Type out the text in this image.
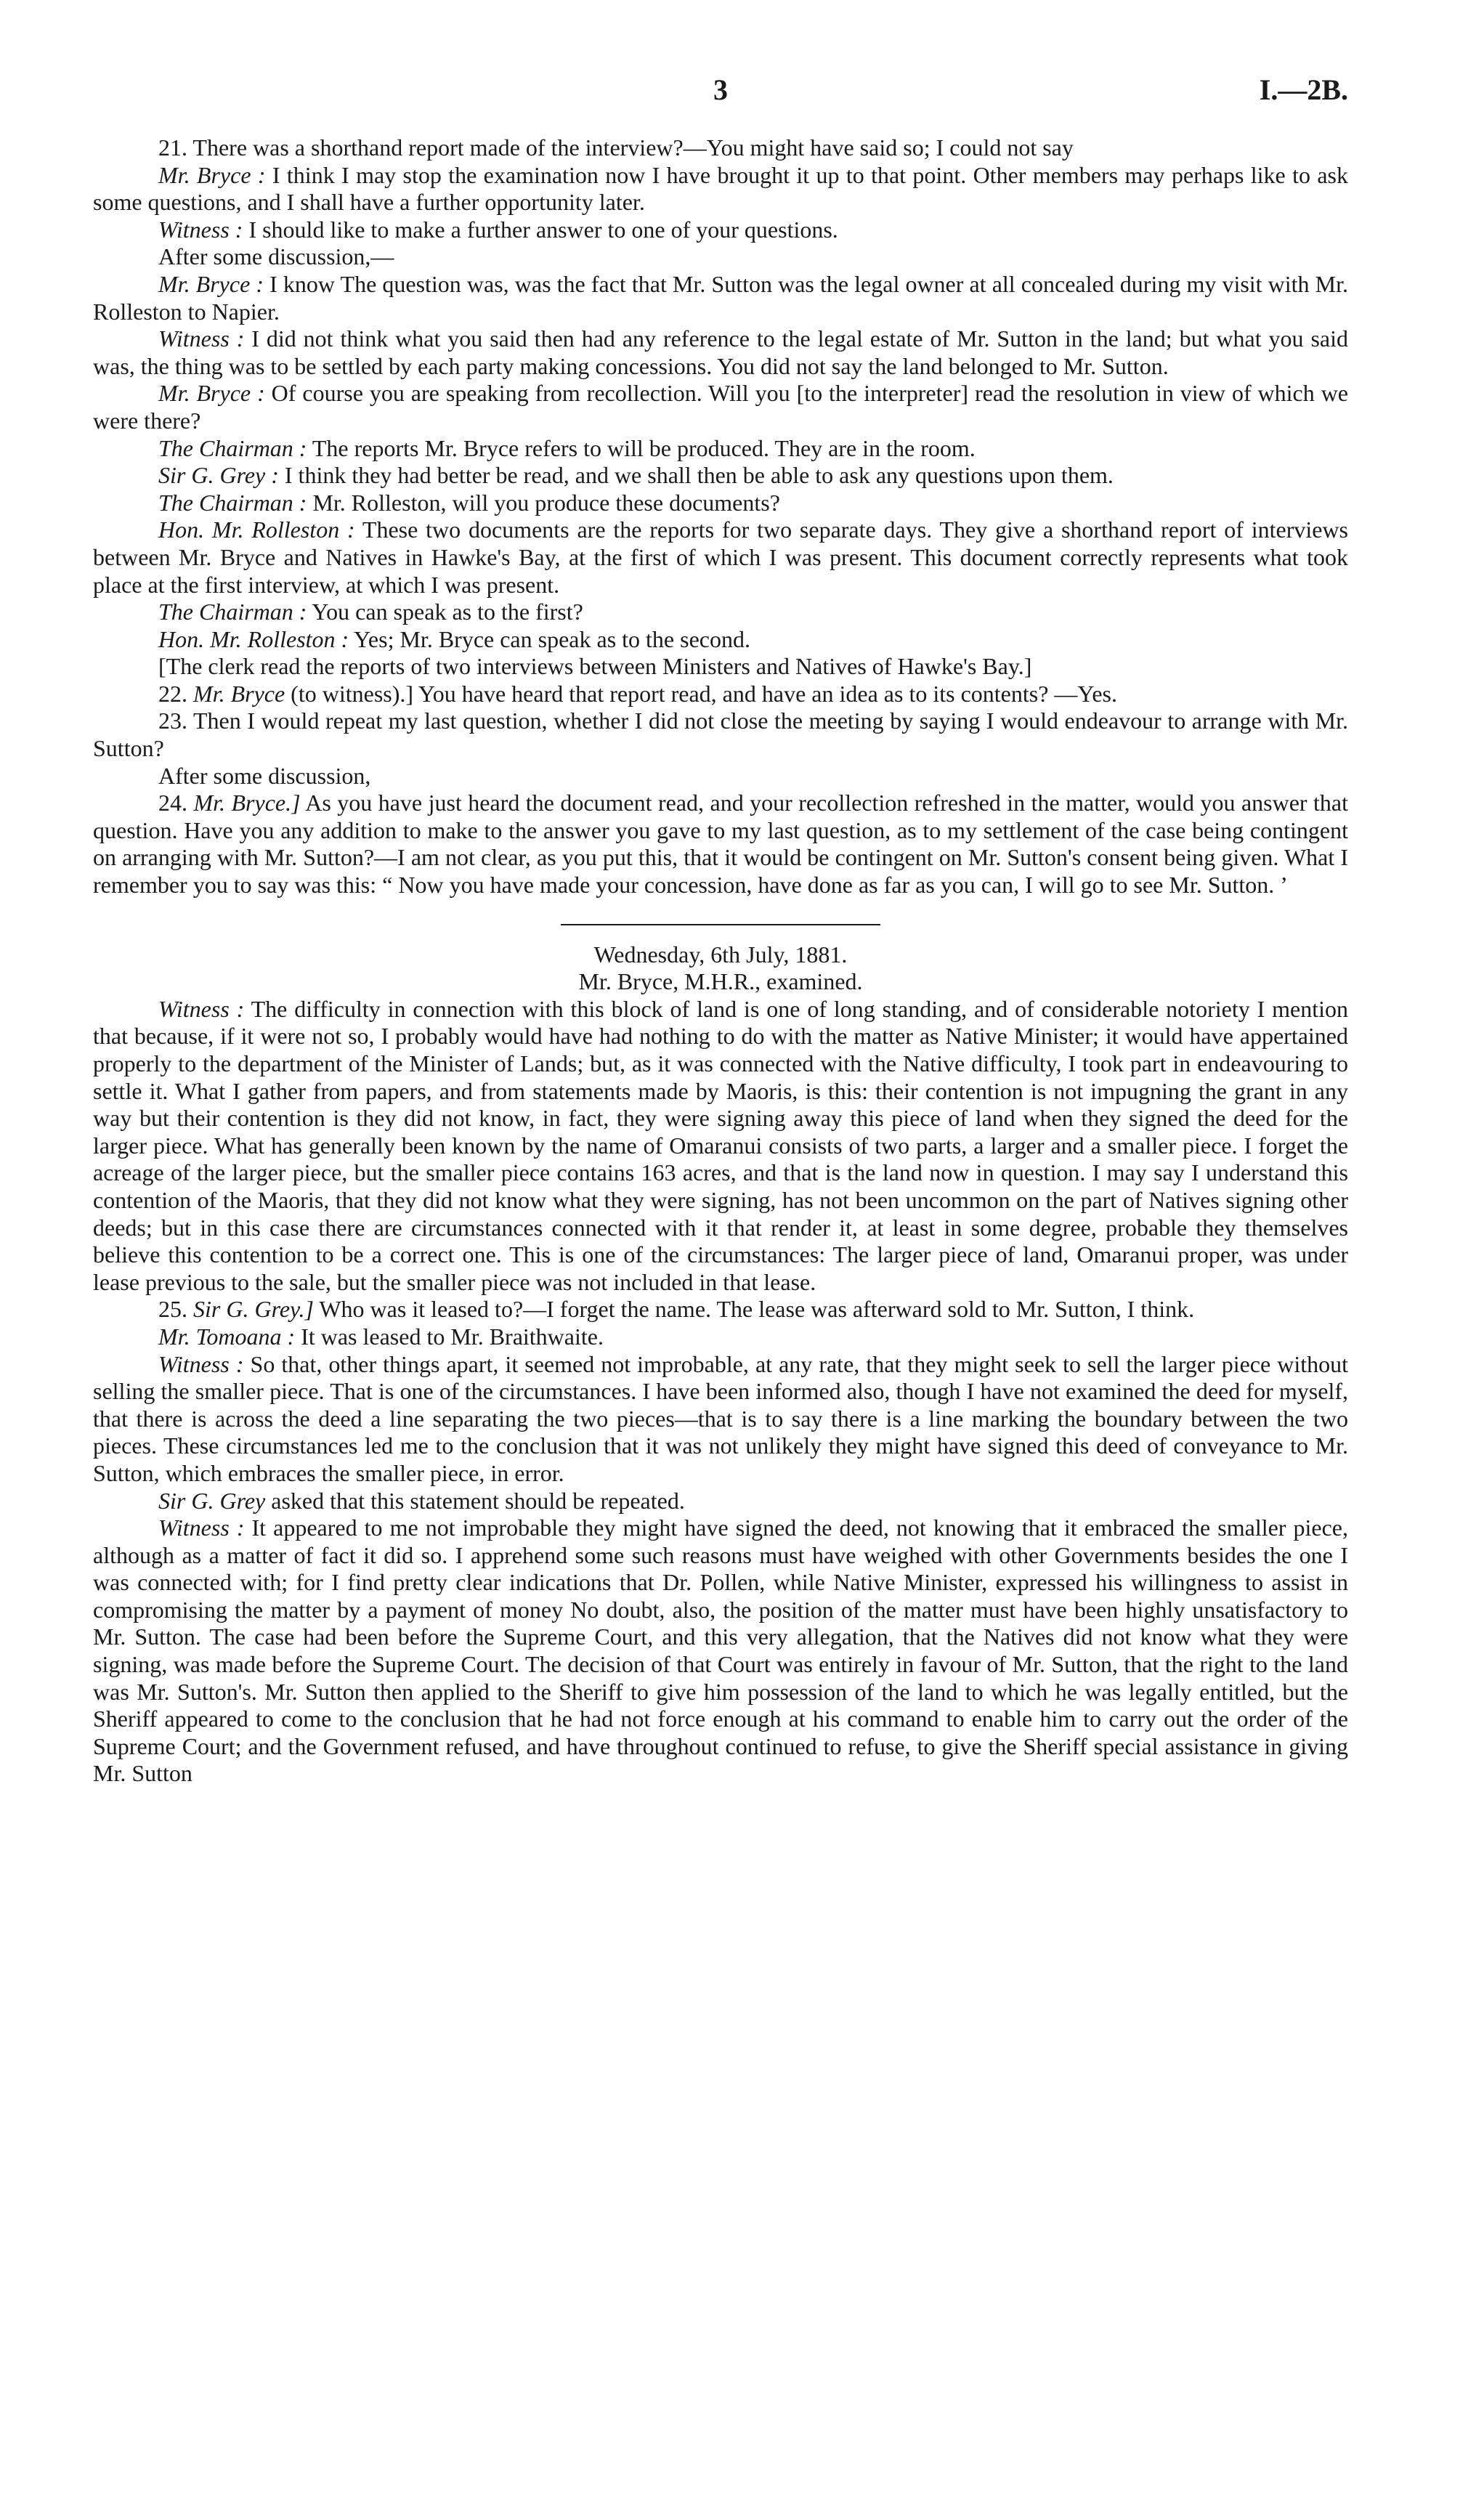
3	I.—2B.

21. There was a shorthand report made of the interview?—You might have said so; I could not say

Mr. Bryce : I think I may stop the examination now I have brought it up to that point. Other members may perhaps like to ask some questions, and I shall have a further opportunity later.

Witness : I should like to make a further answer to one of your questions.

After some discussion,—

Mr. Bryce : I know The question was, was the fact that Mr. Sutton was the legal owner at all concealed during my visit with Mr. Rolleston to Napier.

Witness : I did not think what you said then had any reference to the legal estate of Mr. Sutton in the land; but what you said was, the thing was to be settled by each party making concessions. You did not say the land belonged to Mr. Sutton.

Mr. Bryce : Of course you are speaking from recollection. Will you [to the interpreter] read the resolution in view of which we were there?

The Chairman : The reports Mr. Bryce refers to will be produced. They are in the room.

Sir G. Grey : I think they had better be read, and we shall then be able to ask any questions upon them.

The Chairman : Mr. Rolleston, will you produce these documents?

Hon. Mr. Rolleston : These two documents are the reports for two separate days. They give a shorthand report of interviews between Mr. Bryce and Natives in Hawke's Bay, at the first of which I was present. This document correctly represents what took place at the first interview, at which I was present.

The Chairman : You can speak as to the first?

Hon. Mr. Rolleston : Yes; Mr. Bryce can speak as to the second.

[The clerk read the reports of two interviews between Ministers and Natives of Hawke's Bay.]

22. Mr. Bryce (to witness).] You have heard that report read, and have an idea as to its contents? —Yes.

23. Then I would repeat my last question, whether I did not close the meeting by saying I would endeavour to arrange with Mr. Sutton?

After some discussion,

24. Mr. Bryce.] As you have just heard the document read, and your recollection refreshed in the matter, would you answer that question. Have you any addition to make to the answer you gave to my last question, as to my settlement of the case being contingent on arranging with Mr. Sutton?—I am not clear, as you put this, that it would be contingent on Mr. Sutton's consent being given. What I remember you to say was this: “ Now you have made your concession, have done as far as you can, I will go to see Mr. Sutton. ’

Wednesday, 6th July, 1881.

Mr. Bryce, M.H.R., examined.

Witness : The difficulty in connection with this block of land is one of long standing, and of considerable notoriety I mention that because, if it were not so, I probably would have had nothing to do with the matter as Native Minister; it would have appertained properly to the department of the Minister of Lands; but, as it was connected with the Native difficulty, I took part in endeavouring to settle it. What I gather from papers, and from statements made by Maoris, is this: their contention is not impugning the grant in any way but their contention is they did not know, in fact, they were signing away this piece of land when they signed the deed for the larger piece. What has generally been known by the name of Omaranui consists of two parts, a larger and a smaller piece. I forget the acreage of the larger piece, but the smaller piece contains 163 acres, and that is the land now in question. I may say I understand this contention of the Maoris, that they did not know what they were signing, has not been uncommon on the part of Natives signing other deeds; but in this case there are circumstances connected with it that render it, at least in some degree, probable they themselves believe this contention to be a correct one. This is one of the circumstances: The larger piece of land, Omaranui proper, was under lease previous to the sale, but the smaller piece was not included in that lease.

25. Sir G. Grey.] Who was it leased to?—I forget the name. The lease was afterward sold to Mr. Sutton, I think.

Mr. Tomoana : It was leased to Mr. Braithwaite.

Witness : So that, other things apart, it seemed not improbable, at any rate, that they might seek to sell the larger piece without selling the smaller piece. That is one of the circumstances. I have been informed also, though I have not examined the deed for myself, that there is across the deed a line separating the two pieces—that is to say there is a line marking the boundary between the two pieces. These circumstances led me to the conclusion that it was not unlikely they might have signed this deed of conveyance to Mr. Sutton, which embraces the smaller piece, in error.

Sir G. Grey asked that this statement should be repeated.

Witness : It appeared to me not improbable they might have signed the deed, not knowing that it embraced the smaller piece, although as a matter of fact it did so. I apprehend some such reasons must have weighed with other Governments besides the one I was connected with; for I find pretty clear indications that Dr. Pollen, while Native Minister, expressed his willingness to assist in compromising the matter by a payment of money No doubt, also, the position of the matter must have been highly unsatisfactory to Mr. Sutton. The case had been before the Supreme Court, and this very allegation, that the Natives did not know what they were signing, was made before the Supreme Court. The decision of that Court was entirely in favour of Mr. Sutton, that the right to the land was Mr. Sutton's. Mr. Sutton then applied to the Sheriff to give him possession of the land to which he was legally entitled, but the Sheriff appeared to come to the conclusion that he had not force enough at his command to enable him to carry out the order of the Supreme Court; and the Government refused, and have throughout continued to refuse, to give the Sheriff special assistance in giving Mr. Sutton
